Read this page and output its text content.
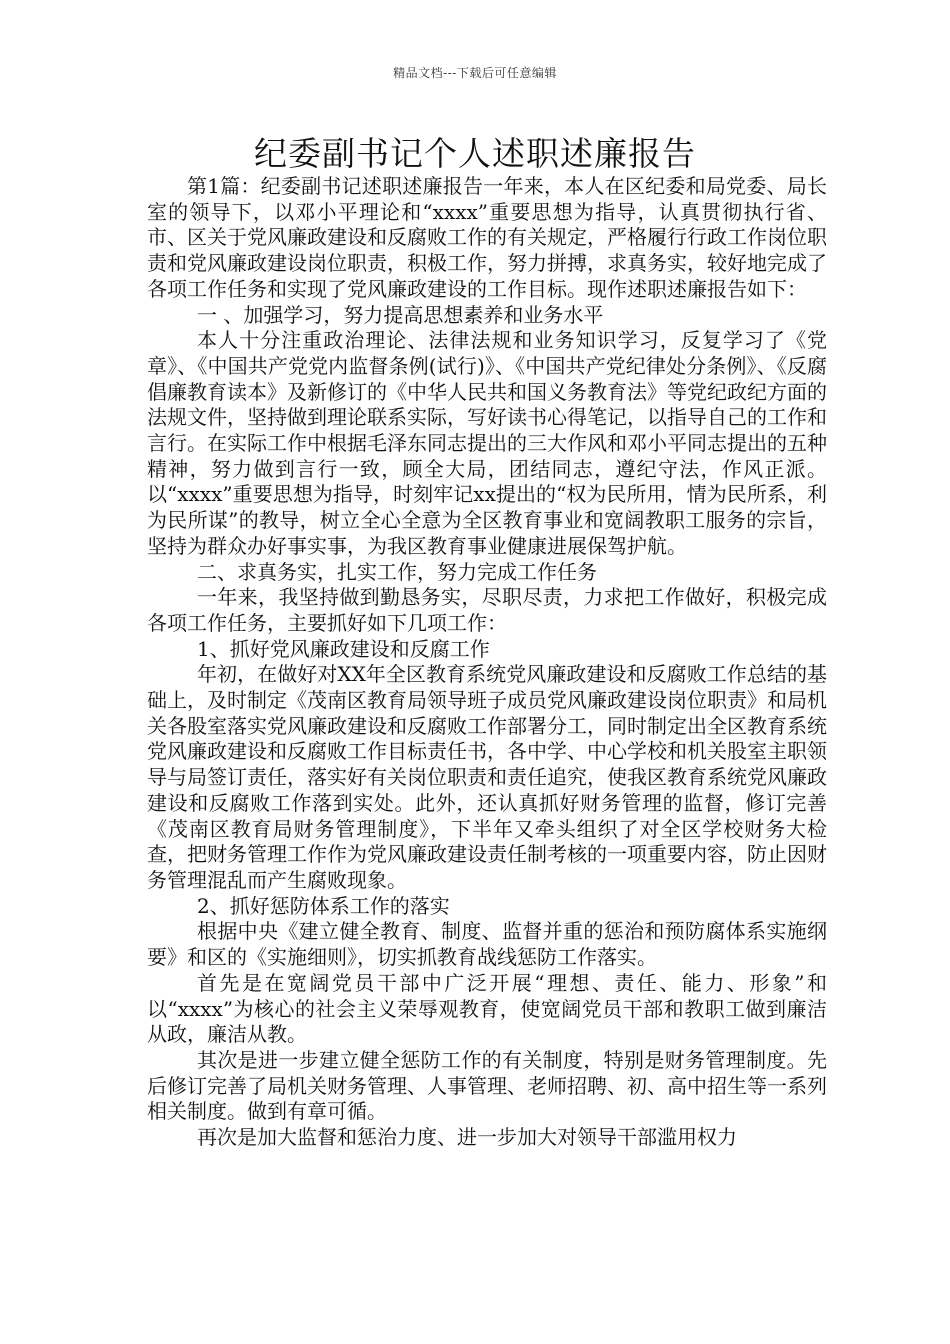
精品文档---下载后可任意编辑
纪委副书记个人述职述廉报告

第1篇：纪委副书记述职述廉报告一年来，本人在区纪委和局党委、局长室的领导下，以邓小平理论和“xxxx”重要思想为指导，认真贯彻执行省、市、区关于党风廉政建设和反腐败工作的有关规定，严格履行行政工作岗位职责和党风廉政建设岗位职责，积极工作，努力拼搏，求真务实，较好地完成了各项工作任务和实现了党风廉政建设的工作目标。现作述职述廉报告如下：

一 、加强学习，努力提高思想素养和业务水平

本人十分注重政治理论、法律法规和业务知识学习，反复学习了《党章》、《中国共产党党内监督条例(试行)》、《中国共产党纪律处分条例》、《反腐倡廉教育读本》及新修订的《中华人民共和国义务教育法》等党纪政纪方面的法规文件，坚持做到理论联系实际，写好读书心得笔记，以指导自己的工作和言行。在实际工作中根据毛泽东同志提出的三大作风和邓小平同志提出的五种精神，努力做到言行一致，顾全大局，团结同志，遵纪守法，作风正派。以“xxxx”重要思想为指导，时刻牢记xx提出的“权为民所用，情为民所系，利为民所谋”的教导，树立全心全意为全区教育事业和宽阔教职工服务的宗旨，坚持为群众办好事实事，为我区教育事业健康进展保驾护航。

二、求真务实，扎实工作，努力完成工作任务

一年来，我坚持做到勤恳务实，尽职尽责，力求把工作做好，积极完成各项工作任务，主要抓好如下几项工作：

1、抓好党风廉政建设和反腐工作

年初，在做好对XX年全区教育系统党风廉政建设和反腐败工作总结的基础上，及时制定《茂南区教育局领导班子成员党风廉政建设岗位职责》和局机关各股室落实党风廉政建设和反腐败工作部署分工，同时制定出全区教育系统党风廉政建设和反腐败工作目标责任书，各中学、中心学校和机关股室主职领导与局签订责任，落实好有关岗位职责和责任追究，使我区教育系统党风廉政建设和反腐败工作落到实处。此外，还认真抓好财务管理的监督，修订完善《茂南区教育局财务管理制度》，下半年又牵头组织了对全区学校财务大检查，把财务管理工作作为党风廉政建设责任制考核的一项重要内容，防止因财务管理混乱而产生腐败现象。

2、抓好惩防体系工作的落实

根据中央《建立健全教育、制度、监督并重的惩治和预防腐体系实施纲要》和区的《实施细则》，切实抓教育战线惩防工作落实。

首先是在宽阔党员干部中广泛开展“理想、责任、能力、形象”和以“xxxx”为核心的社会主义荣辱观教育，使宽阔党员干部和教职工做到廉洁从政，廉洁从教。

其次是进一步建立健全惩防工作的有关制度，特别是财务管理制度。先后修订完善了局机关财务管理、人事管理、老师招聘、初、高中招生等一系列相关制度。做到有章可循。

再次是加大监督和惩治力度、进一步加大对领导干部滥用权力
